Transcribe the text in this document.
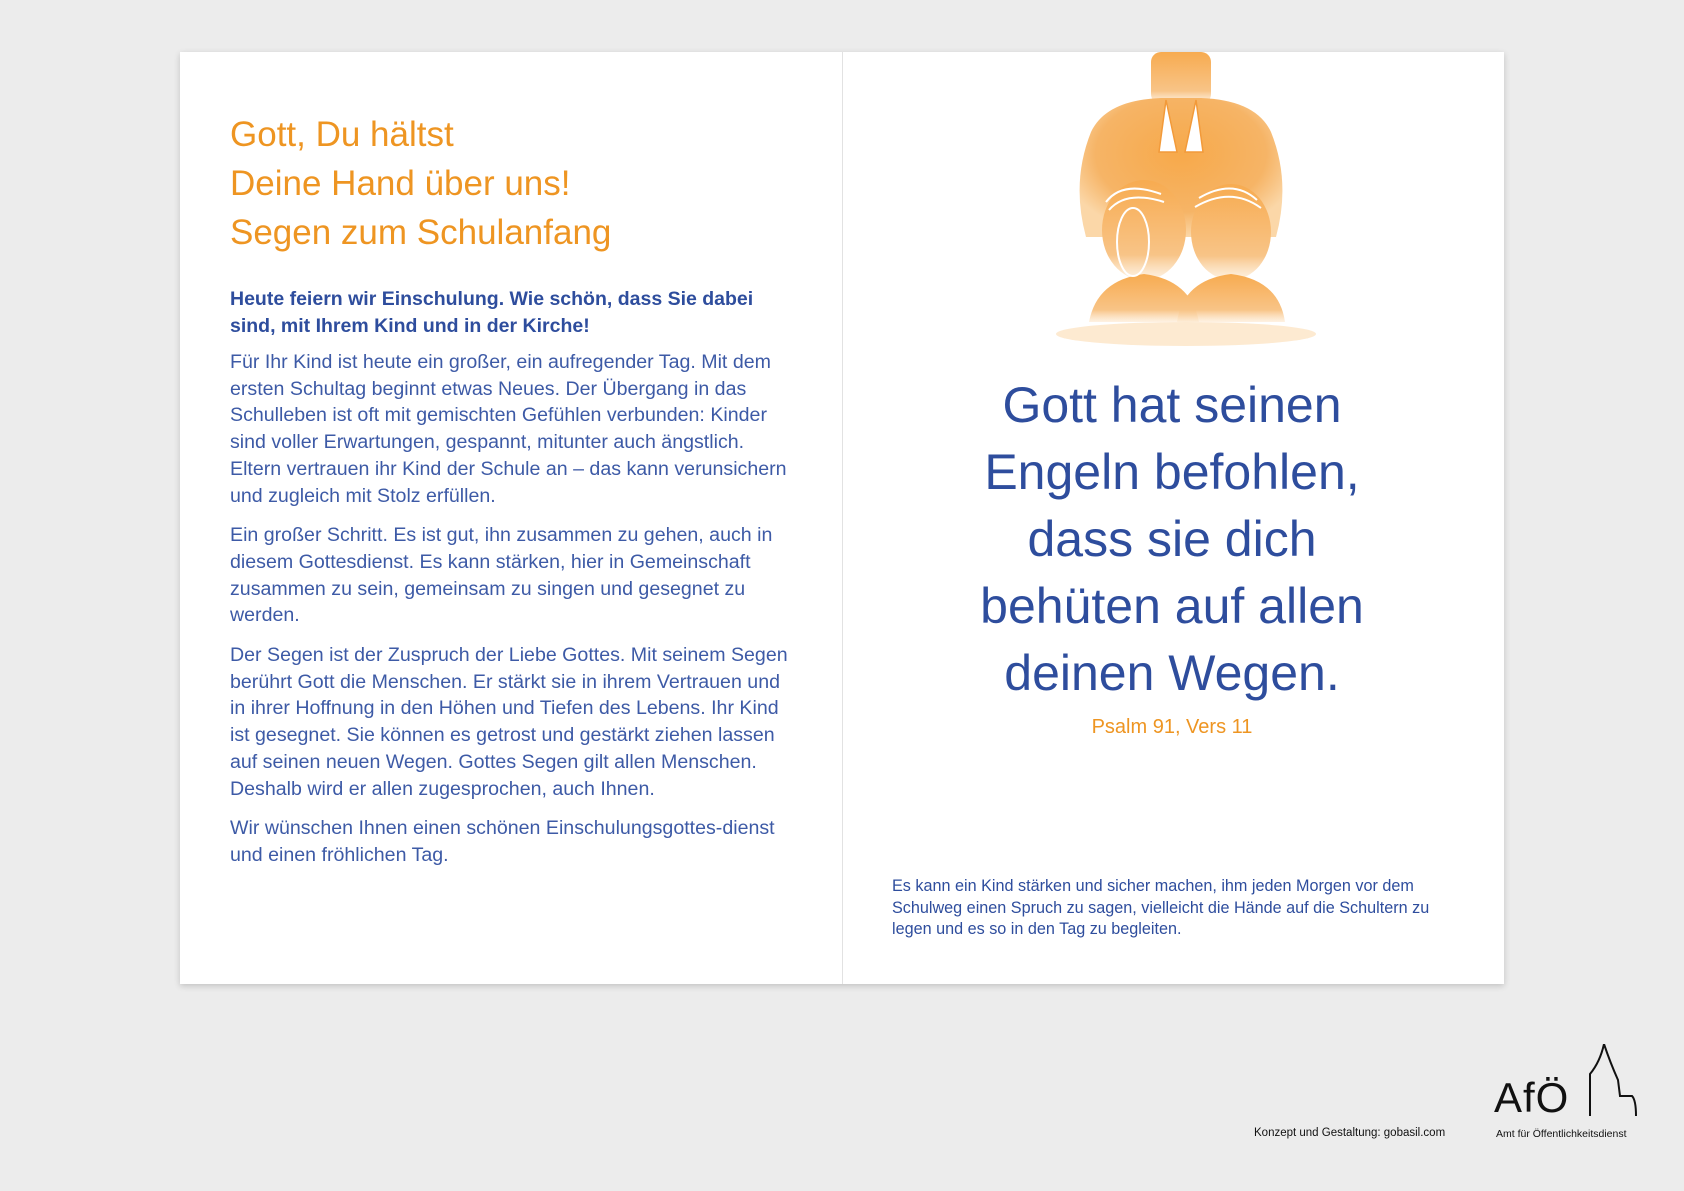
Gott, Du hältst
Deine Hand über uns!
Segen zum Schulanfang

Heute feiern wir Einschulung. Wie schön, dass Sie dabei sind, mit Ihrem Kind und in der Kirche!

Für Ihr Kind ist heute ein großer, ein aufregender Tag. Mit dem ersten Schultag beginnt etwas Neues. Der Übergang in das Schulleben ist oft mit gemischten Gefühlen verbunden: Kinder sind voller Erwartungen, gespannt, mitunter auch ängstlich. Eltern vertrauen ihr Kind der Schule an – das kann verunsichern und zugleich mit Stolz erfüllen.

Ein großer Schritt. Es ist gut, ihn zusammen zu gehen, auch in diesem Gottesdienst. Es kann stärken, hier in Gemeinschaft zusammen zu sein, gemeinsam zu singen und gesegnet zu werden.

Der Segen ist der Zuspruch der Liebe Gottes. Mit seinem Segen berührt Gott die Menschen. Er stärkt sie in ihrem Vertrauen und in ihrer Hoffnung in den Höhen und Tiefen des Lebens. Ihr Kind ist gesegnet. Sie können es getrost und gestärkt ziehen lassen auf seinen neuen Wegen. Gottes Segen gilt allen Menschen. Deshalb wird er allen zugesprochen, auch Ihnen.

Wir wünschen Ihnen einen schönen Einschulungsgottes-dienst und einen fröhlichen Tag.

Gott hat seinen
Engeln befohlen,
dass sie dich
behüten auf allen
deinen Wegen.
Psalm 91, Vers 11

Es kann ein Kind stärken und sicher machen, ihm jeden Morgen vor dem Schulweg einen Spruch zu sagen, vielleicht die Hände auf die Schultern zu legen und es so in den Tag zu begleiten.

Konzept und Gestaltung: gobasil.com
AfÖ
Amt für Öffentlichkeitsdienst
